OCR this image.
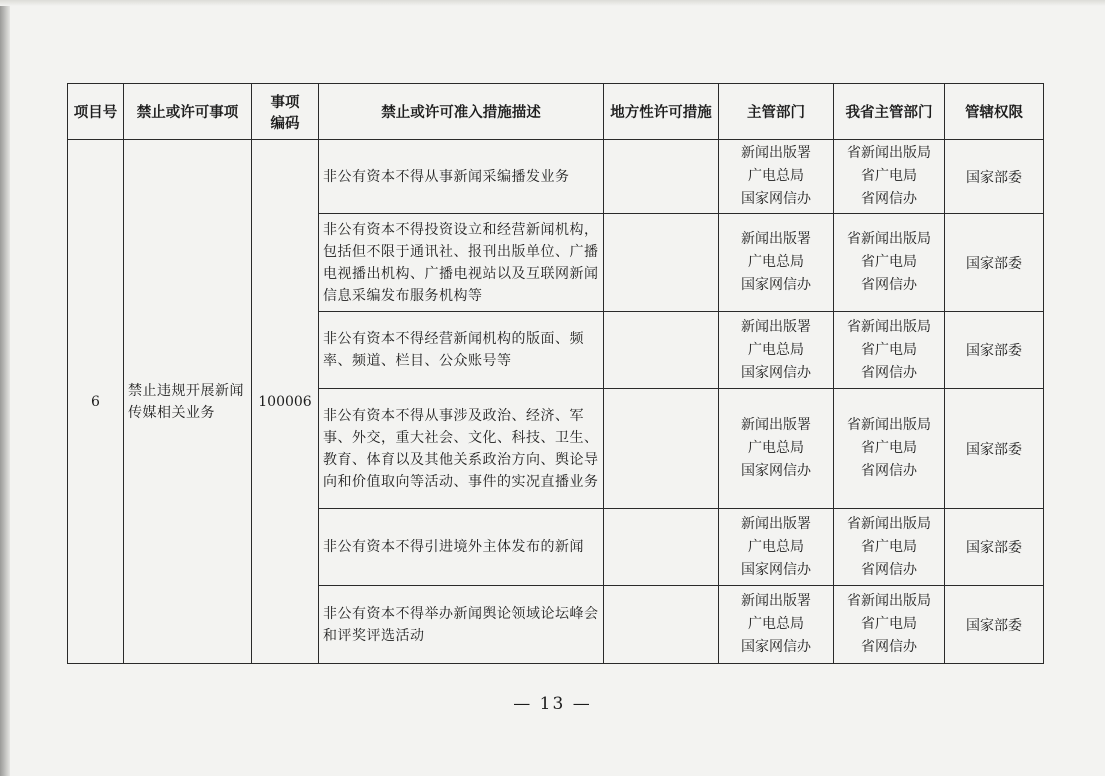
项目号	禁止或许可事项	事项
编码	禁止或许可准入措施描述	地方性许可措施	主管部门	我省主管部门	管辖权限
6	禁止违规开展新闻传媒相关业务	100006	非公有资本不得从事新闻采编播发业务		新闻出版署
广电总局
国家网信办	省新闻出版局
省广电局
省网信办	国家部委
			非公有资本不得投资设立和经营新闻机构，包括但不限于通讯社、报刊出版单位、广播电视播出机构、广播电视站以及互联网新闻信息采编发布服务机构等		新闻出版署
广电总局
国家网信办	省新闻出版局
省广电局
省网信办	国家部委
			非公有资本不得经营新闻机构的版面、频率、频道、栏目、公众账号等		新闻出版署
广电总局
国家网信办	省新闻出版局
省广电局
省网信办	国家部委
			非公有资本不得从事涉及政治、经济、军事、外交，重大社会、文化、科技、卫生、教育、体育以及其他关系政治方向、舆论导向和价值取向等活动、事件的实况直播业务		新闻出版署
广电总局
国家网信办	省新闻出版局
省广电局
省网信办	国家部委
			非公有资本不得引进境外主体发布的新闻		新闻出版署
广电总局
国家网信办	省新闻出版局
省广电局
省网信办	国家部委
			非公有资本不得举办新闻舆论领域论坛峰会和评奖评选活动		新闻出版署
广电总局
国家网信办	省新闻出版局
省广电局
省网信办	国家部委
— 13 —
